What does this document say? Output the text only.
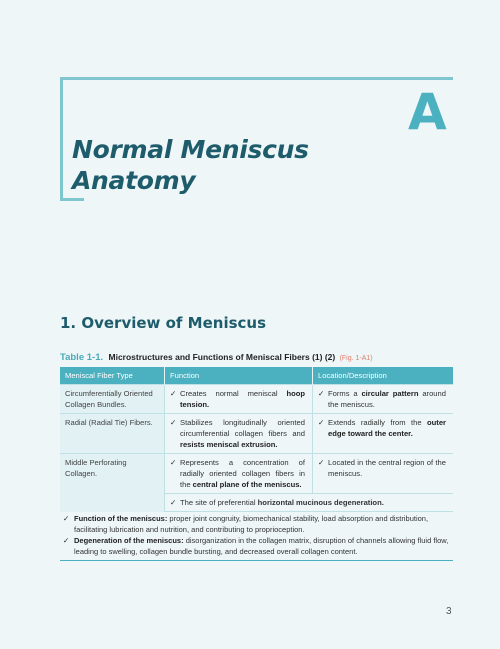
A
Normal Meniscus
Anatomy
1. Overview of Meniscus
Table 1-1. Microstructures and Functions of Meniscal Fibers (1) (2) (Fig. 1-A1)
Meniscal Fiber Type	Function	Location/Description
Circumferentially Oriented Collagen Bundles.	✓ Creates normal meniscal hoop tension.	✓ Forms a circular pattern around the meniscus.
Radial (Radial Tie) Fibers.	✓ Stabilizes longitudinally oriented circumferential collagen fibers and resists meniscal extrusion.	✓ Extends radially from the outer edge toward the center.
Middle Perforating Collagen.	✓ Represents a concentration of radially oriented collagen fibers in the central plane of the meniscus.	✓ Located in the central region of the meniscus.
	✓ The site of preferential horizontal mucinous degeneration.	
✓ Function of the meniscus: proper joint congruity, biomechanical stability, load absorption and distribution, facilitating lubrication and nutrition, and contributing to proprioception.
✓ Degeneration of the meniscus: disorganization in the collagen matrix, disruption of channels allowing fluid flow, leading to swelling, collagen bundle bursting, and decreased overall collagen content.
3
